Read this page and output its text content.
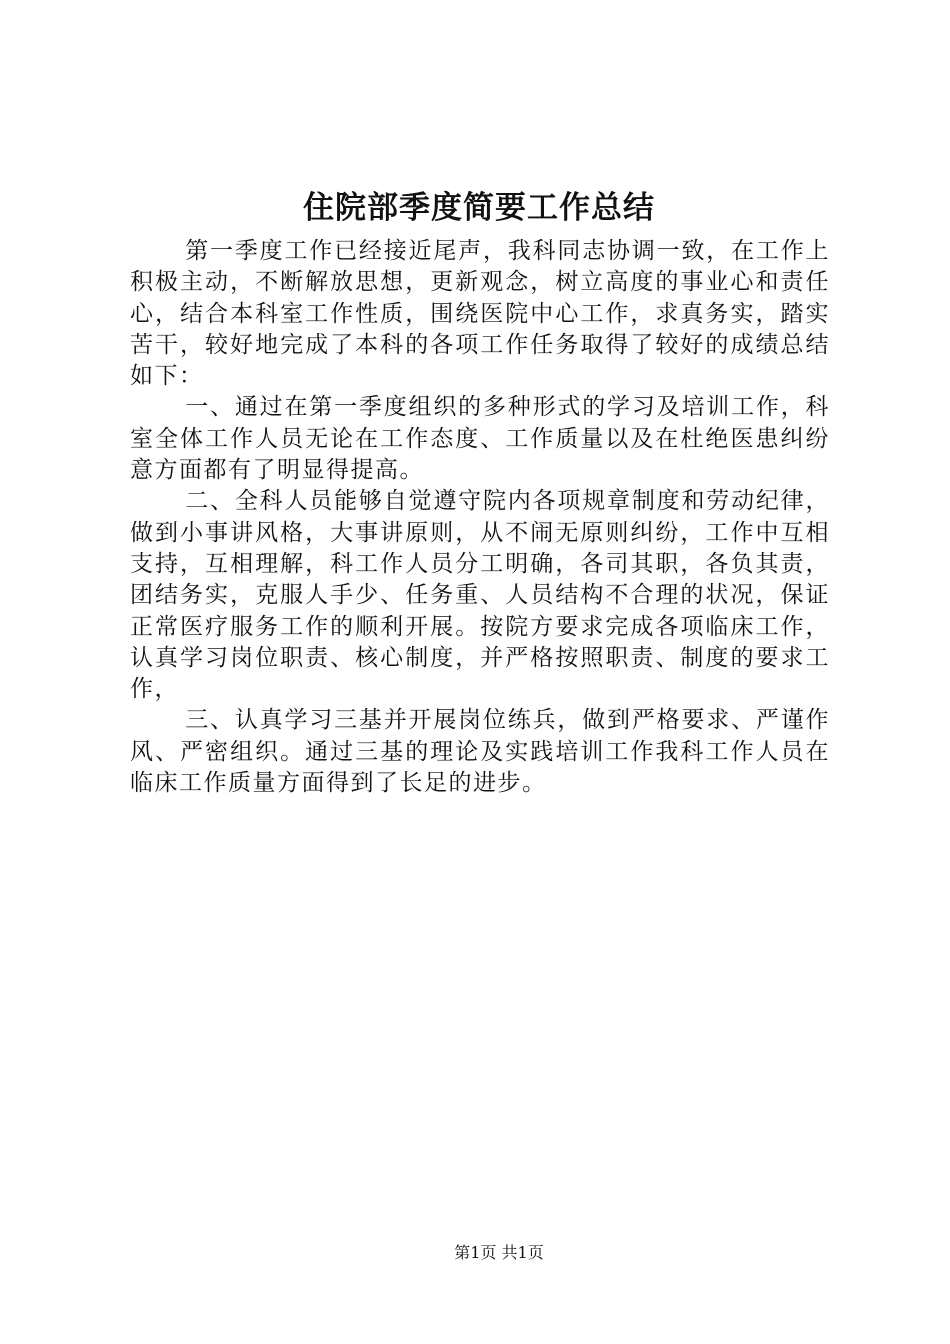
住院部季度简要工作总结

第一季度工作已经接近尾声，我科同志协调一致，在工作上积极主动，不断解放思想，更新观念，树立高度的事业心和责任心，结合本科室工作性质，围绕医院中心工作，求真务实，踏实苦干，较好地完成了本科的各项工作任务取得了较好的成绩总结如下：

一、通过在第一季度组织的多种形式的学习及培训工作，科室全体工作人员无论在工作态度、工作质量以及在杜绝医患纠纷意方面都有了明显得提高。

二、全科人员能够自觉遵守院内各项规章制度和劳动纪律，做到小事讲风格，大事讲原则，从不闹无原则纠纷，工作中互相支持，互相理解，科工作人员分工明确，各司其职，各负其责，团结务实，克服人手少、任务重、人员结构不合理的状况，保证正常医疗服务工作的顺利开展。按院方要求完成各项临床工作，认真学习岗位职责、核心制度，并严格按照职责、制度的要求工作，

三、认真学习三基并开展岗位练兵，做到严格要求、严谨作风、严密组织。通过三基的理论及实践培训工作我科工作人员在临床工作质量方面得到了长足的进步。

第1页 共1页
